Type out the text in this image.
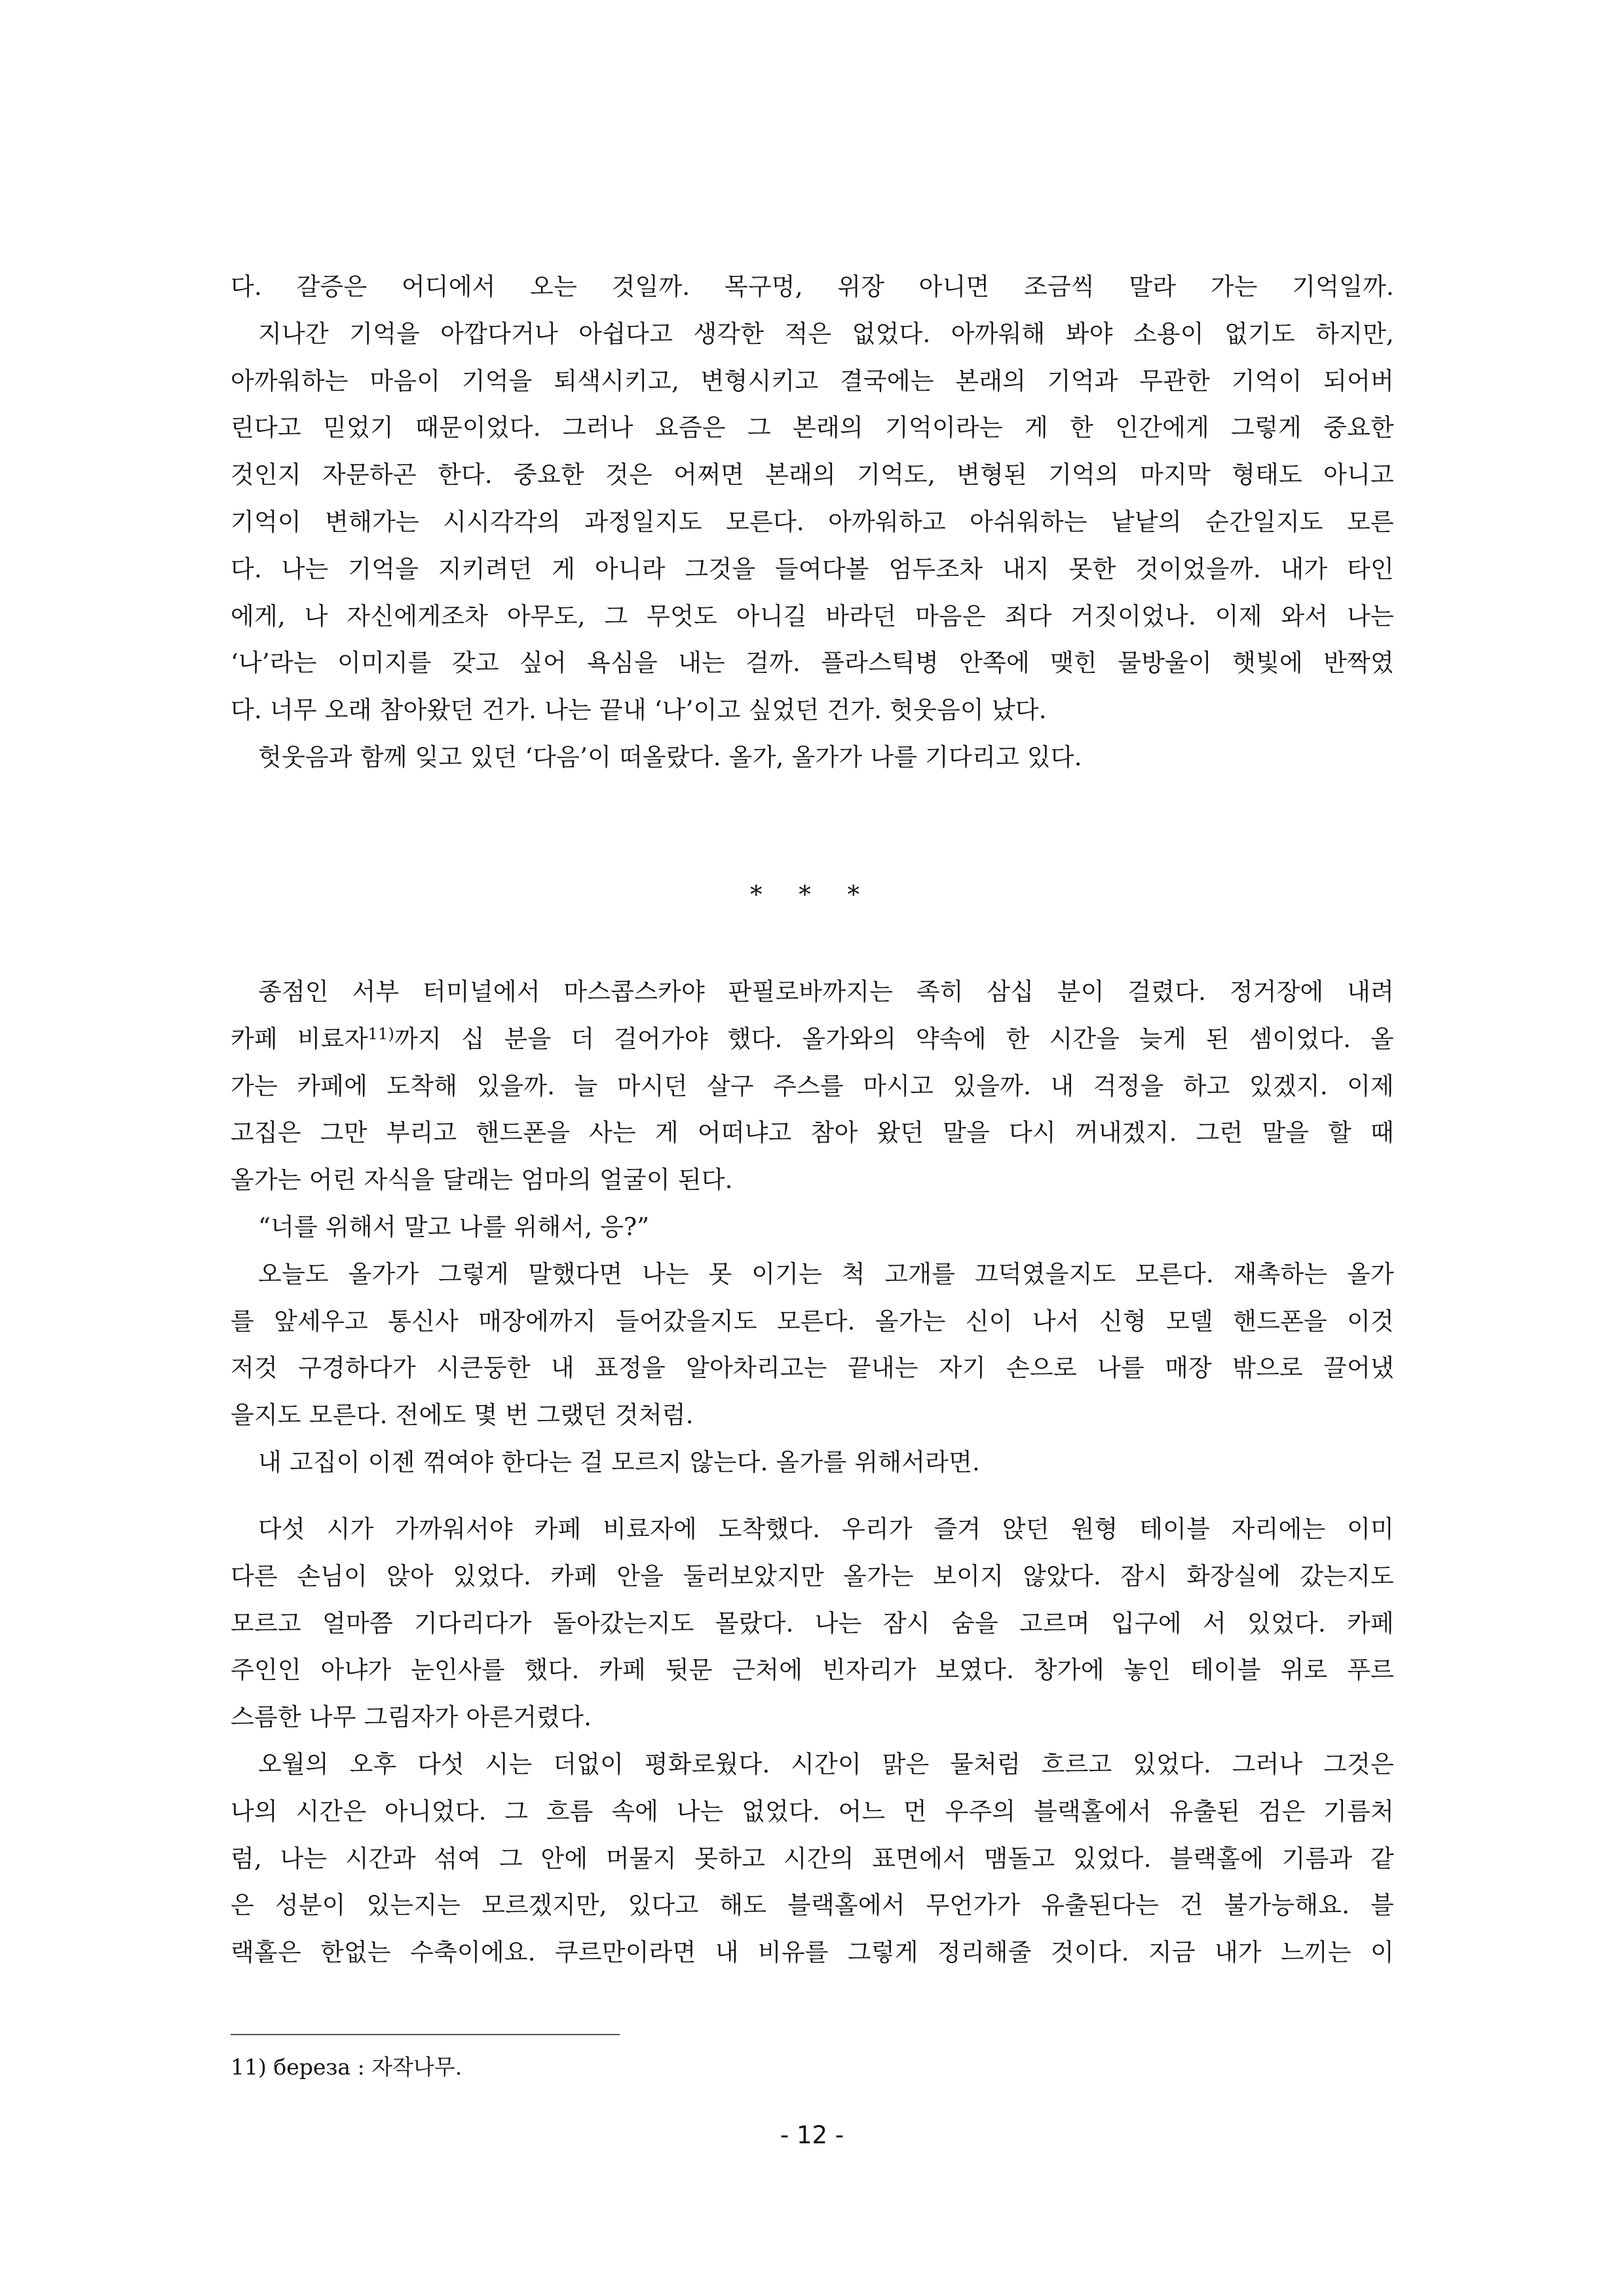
다. 갈증은 어디에서 오는 것일까. 목구멍, 위장 아니면 조금씩 말라 가는 기억일까.
지나간 기억을 아깝다거나 아쉽다고 생각한 적은 없었다. 아까워해 봐야 소용이 없기도 하지만,
아까워하는 마음이 기억을 퇴색시키고, 변형시키고 결국에는 본래의 기억과 무관한 기억이 되어버
린다고 믿었기 때문이었다. 그러나 요즘은 그 본래의 기억이라는 게 한 인간에게 그렇게 중요한
것인지 자문하곤 한다. 중요한 것은 어쩌면 본래의 기억도, 변형된 기억의 마지막 형태도 아니고
기억이 변해가는 시시각각의 과정일지도 모른다. 아까워하고 아쉬워하는 낱낱의 순간일지도 모른
다. 나는 기억을 지키려던 게 아니라 그것을 들여다볼 엄두조차 내지 못한 것이었을까. 내가 타인
에게, 나 자신에게조차 아무도, 그 무엇도 아니길 바라던 마음은 죄다 거짓이었나. 이제 와서 나는
‘나’라는 이미지를 갖고 싶어 욕심을 내는 걸까. 플라스틱병 안쪽에 맺힌 물방울이 햇빛에 반짝였
다. 너무 오래 참아왔던 건가. 나는 끝내 ‘나’이고 싶었던 건가. 헛웃음이 났다.
헛웃음과 함께 잊고 있던 ‘다음’이 떠올랐다. 올가, 올가가 나를 기다리고 있다.
* * *
종점인 서부 터미널에서 마스콥스카야 판필로바까지는 족히 삼십 분이 걸렸다. 정거장에 내려
카페 비료자$^{11)}$까지 십 분을 더 걸어가야 했다. 올가와의 약속에 한 시간을 늦게 된 셈이었다. 올
가는 카페에 도착해 있을까. 늘 마시던 살구 주스를 마시고 있을까. 내 걱정을 하고 있겠지. 이제
고집은 그만 부리고 핸드폰을 사는 게 어떠냐고 참아 왔던 말을 다시 꺼내겠지. 그런 말을 할 때
올가는 어린 자식을 달래는 엄마의 얼굴이 된다.
“너를 위해서 말고 나를 위해서, 응?”
오늘도 올가가 그렇게 말했다면 나는 못 이기는 척 고개를 끄덕였을지도 모른다. 재촉하는 올가
를 앞세우고 통신사 매장에까지 들어갔을지도 모른다. 올가는 신이 나서 신형 모델 핸드폰을 이것
저것 구경하다가 시큰둥한 내 표정을 알아차리고는 끝내는 자기 손으로 나를 매장 밖으로 끌어냈
을지도 모른다. 전에도 몇 번 그랬던 것처럼.
내 고집이 이젠 꺾여야 한다는 걸 모르지 않는다. 올가를 위해서라면.
다섯 시가 가까워서야 카페 비료자에 도착했다. 우리가 즐겨 앉던 원형 테이블 자리에는 이미
다른 손님이 앉아 있었다. 카페 안을 둘러보았지만 올가는 보이지 않았다. 잠시 화장실에 갔는지도
모르고 얼마쯤 기다리다가 돌아갔는지도 몰랐다. 나는 잠시 숨을 고르며 입구에 서 있었다. 카페
주인인 아냐가 눈인사를 했다. 카페 뒷문 근처에 빈자리가 보였다. 창가에 놓인 테이블 위로 푸르
스름한 나무 그림자가 아른거렸다.
오월의 오후 다섯 시는 더없이 평화로웠다. 시간이 맑은 물처럼 흐르고 있었다. 그러나 그것은
나의 시간은 아니었다. 그 흐름 속에 나는 없었다. 어느 먼 우주의 블랙홀에서 유출된 검은 기름처
럼, 나는 시간과 섞여 그 안에 머물지 못하고 시간의 표면에서 맴돌고 있었다. 블랙홀에 기름과 같
은 성분이 있는지는 모르겠지만, 있다고 해도 블랙홀에서 무언가가 유출된다는 건 불가능해요. 블
랙홀은 한없는 수축이에요. 쿠르만이라면 내 비유를 그렇게 정리해줄 것이다. 지금 내가 느끼는 이
11) береза : 자작나무.
- 12 -
